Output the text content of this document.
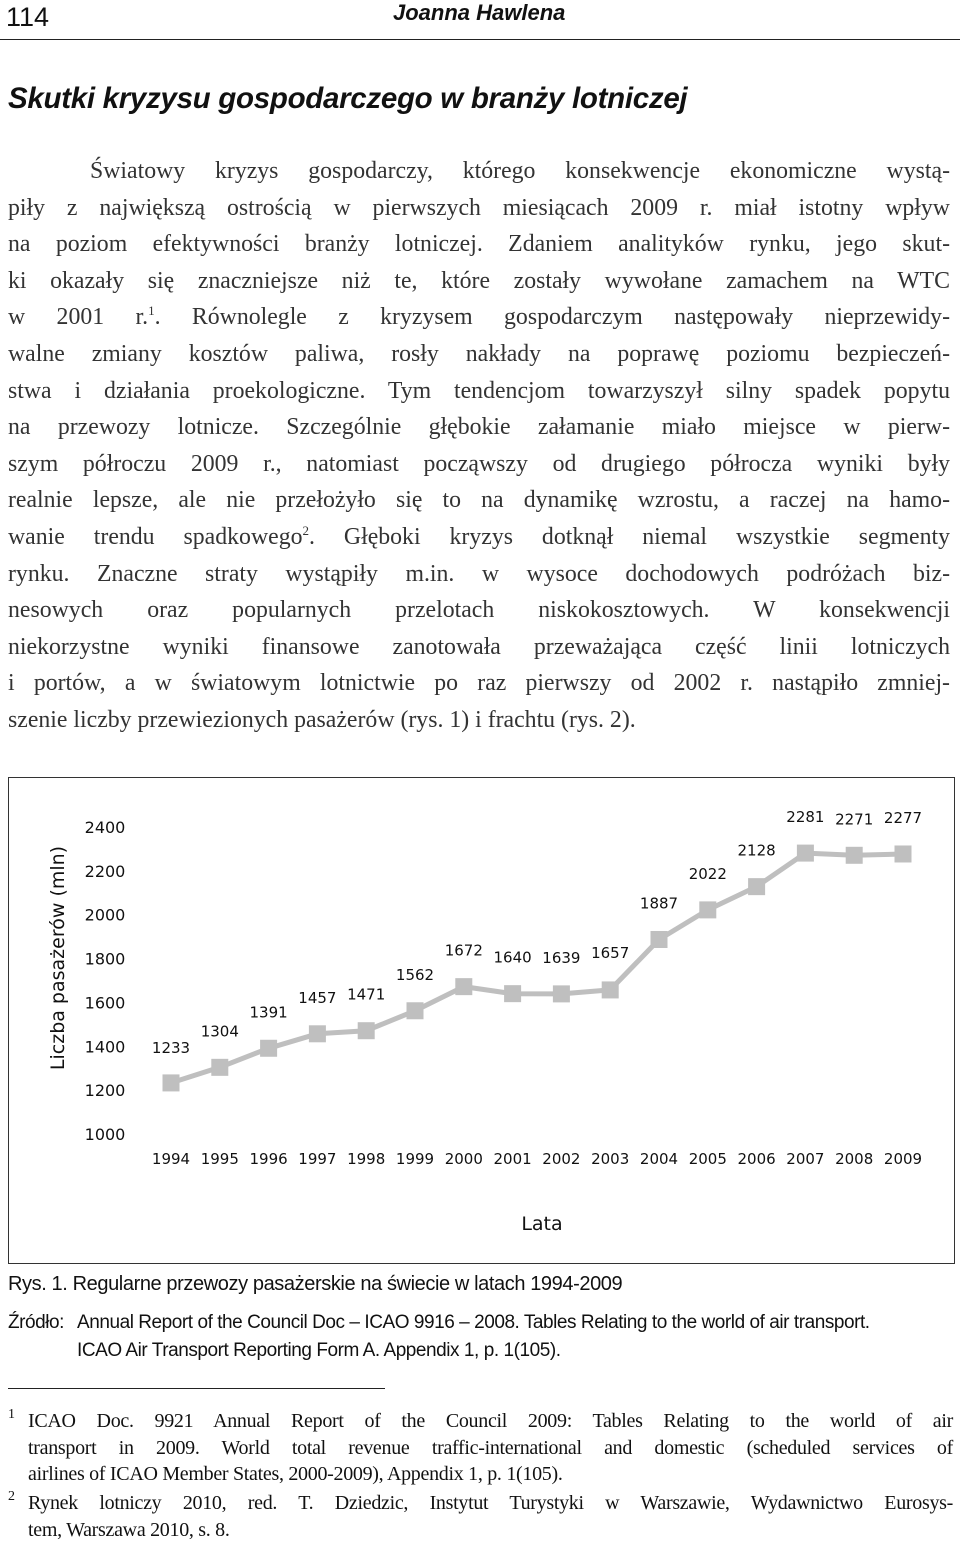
114	Joanna Hawlena
Skutki kryzysu gospodarczego w branży lotniczej
Światowy kryzys gospodarczy, którego konsekwencje ekonomiczne wystą-
piły z największą ostrością w pierwszych miesiącach 2009 r. miał istotny wpływ
na poziom efektywności branży lotniczej. Zdaniem analityków rynku, jego skut-
ki okazały się znaczniejsze niż te, które zostały wywołane zamachem na WTC
w 2001 r.$^1$. Równolegle z kryzysem gospodarczym następowały nieprzewidy-
walne zmiany kosztów paliwa, rosły nakłady na poprawę poziomu bezpieczeń-
stwa i działania proekologiczne. Tym tendencjom towarzyszył silny spadek popytu
na przewozy lotnicze. Szczególnie głębokie załamanie miało miejsce w pierw-
szym półroczu 2009 r., natomiast począwszy od drugiego półrocza wyniki były
realnie lepsze, ale nie przełożyło się to na dynamikę wzrostu, a raczej na hamo-
wanie trendu spadkowego$^2$. Głęboki kryzys dotknął niemal wszystkie segmenty
rynku. Znaczne straty wystąpiły m.in. w wysoce dochodowych podróżach biz-
nesowych oraz popularnych przelotach niskokosztowych. W konsekwencji
niekorzystne wyniki finansowe zanotowała przeważająca część linii lotniczych
i portów, a w światowym lotnictwie po raz pierwszy od 2002 r. nastąpiło zmniej-
szenie liczby przewiezionych pasażerów (rys. 1) i frachtu (rys. 2).
Liczba pasażerów (mln)
Lata
1000
1200
1400
1600
1800
2000
2200
2400
1994 1995 1996 1997 1998 1999 2000 2001 2002 2003 2004 2005 2006 2007 2008 2009
1233
1304
1391
1457 1471
1562
1672 1640 1639 1657
1887
2022
2128
2281 2271 2277
Rys. 1. Regularne przewozy pasażerskie na świecie w latach 1994-2009
Źródło: Annual Report of the Council Doc – ICAO 9916 – 2008. Tables Relating to the world of air transport.
ICAO Air Transport Reporting Form A. Appendix 1, p. 1(105).
1 ICAO Doc. 9921 Annual Report of the Council 2009: Tables Relating to the world of air
transport in 2009. World total revenue traffic-international and domestic (scheduled services of
airlines of ICAO Member States, 2000-2009), Appendix 1, p. 1(105).
2 Rynek lotniczy 2010, red. T. Dziedzic, Instytut Turystyki w Warszawie, Wydawnictwo Eurosys-
tem, Warszawa 2010, s. 8.
